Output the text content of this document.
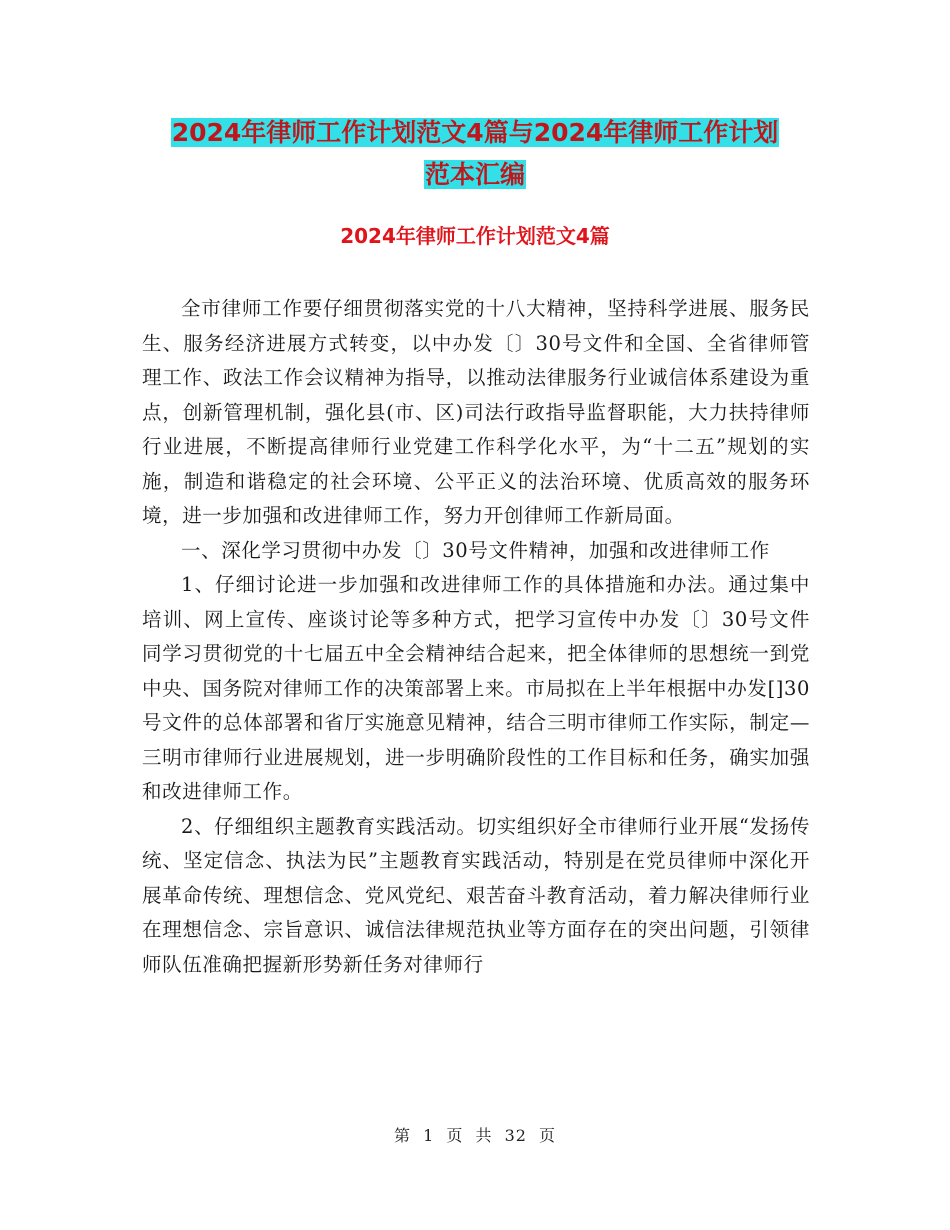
2024年律师工作计划范文4篇与2024年律师工作计划
范本汇编
2024年律师工作计划范文4篇

全市律师工作要仔细贯彻落实党的十八大精神，坚持科学进展、服务民生、服务经济进展方式转变，以中办发〔〕30号文件和全国、全省律师管理工作、政法工作会议精神为指导，以推动法律服务行业诚信体系建设为重点，创新管理机制，强化县(市、区)司法行政指导监督职能，大力扶持律师行业进展，不断提高律师行业党建工作科学化水平，为“十二五”规划的实施，制造和谐稳定的社会环境、公平正义的法治环境、优质高效的服务环境，进一步加强和改进律师工作，努力开创律师工作新局面。

一、深化学习贯彻中办发〔〕30号文件精神，加强和改进律师工作

1、仔细讨论进一步加强和改进律师工作的具体措施和办法。通过集中培训、网上宣传、座谈讨论等多种方式，把学习宣传中办发〔〕30号文件同学习贯彻党的十七届五中全会精神结合起来，把全体律师的思想统一到党中央、国务院对律师工作的决策部署上来。市局拟在上半年根据中办发[]30号文件的总体部署和省厅实施意见精神，结合三明市律师工作实际，制定—三明市律师行业进展规划，进一步明确阶段性的工作目标和任务，确实加强和改进律师工作。

2、仔细组织主题教育实践活动。切实组织好全市律师行业开展“发扬传统、坚定信念、执法为民”主题教育实践活动，特别是在党员律师中深化开展革命传统、理想信念、党风党纪、艰苦奋斗教育活动，着力解决律师行业在理想信念、宗旨意识、诚信法律规范执业等方面存在的突出问题，引领律师队伍准确把握新形势新任务对律师行

第 1 页 共 32 页
